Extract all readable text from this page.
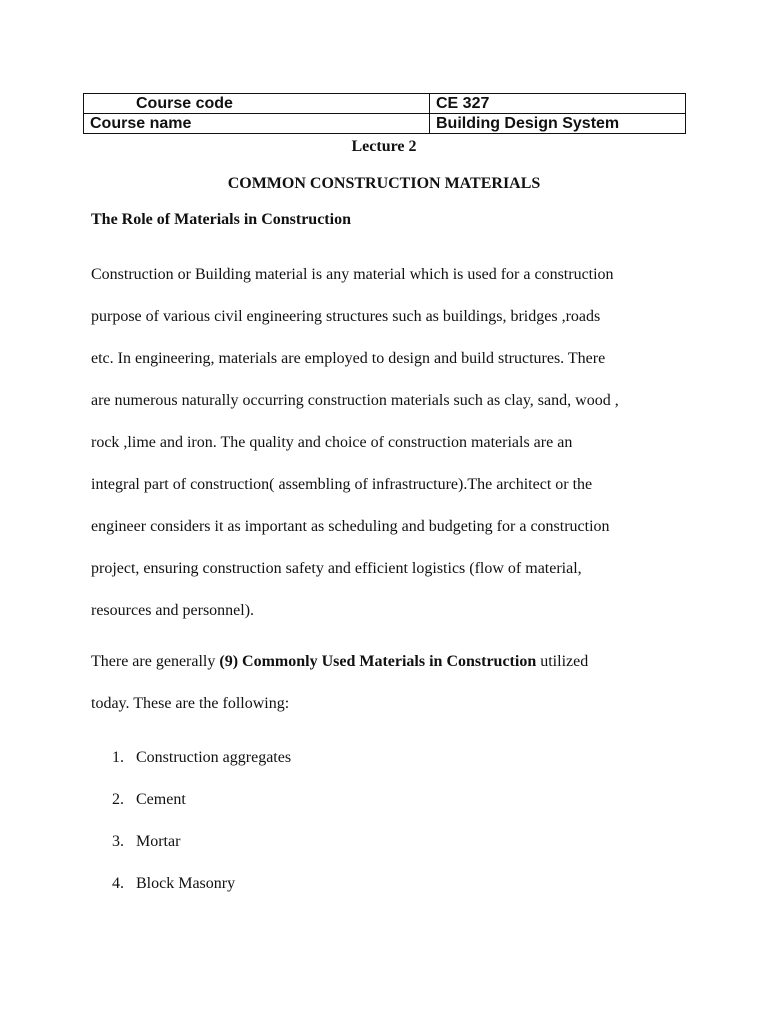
Course code	CE 327
Course name	Building Design System
Lecture 2
COMMON CONSTRUCTION MATERIALS
The Role of Materials in Construction

Construction or Building material is any material which is used for a construction
purpose of various civil engineering structures such as buildings, bridges ,roads
etc. In engineering, materials are employed to design and build structures. There
are numerous naturally occurring construction materials such as clay, sand, wood ,
rock ,lime and iron. The quality and choice of construction materials are an
integral part of construction( assembling of infrastructure).The architect or the
engineer considers it as important as scheduling and budgeting for a construction
project, ensuring construction safety and efficient logistics (flow of material,
resources and personnel).

There are generally (9) Commonly Used Materials in Construction utilized
today. These are the following:

1. Construction aggregates
2. Cement
3. Mortar
4. Block Masonry
